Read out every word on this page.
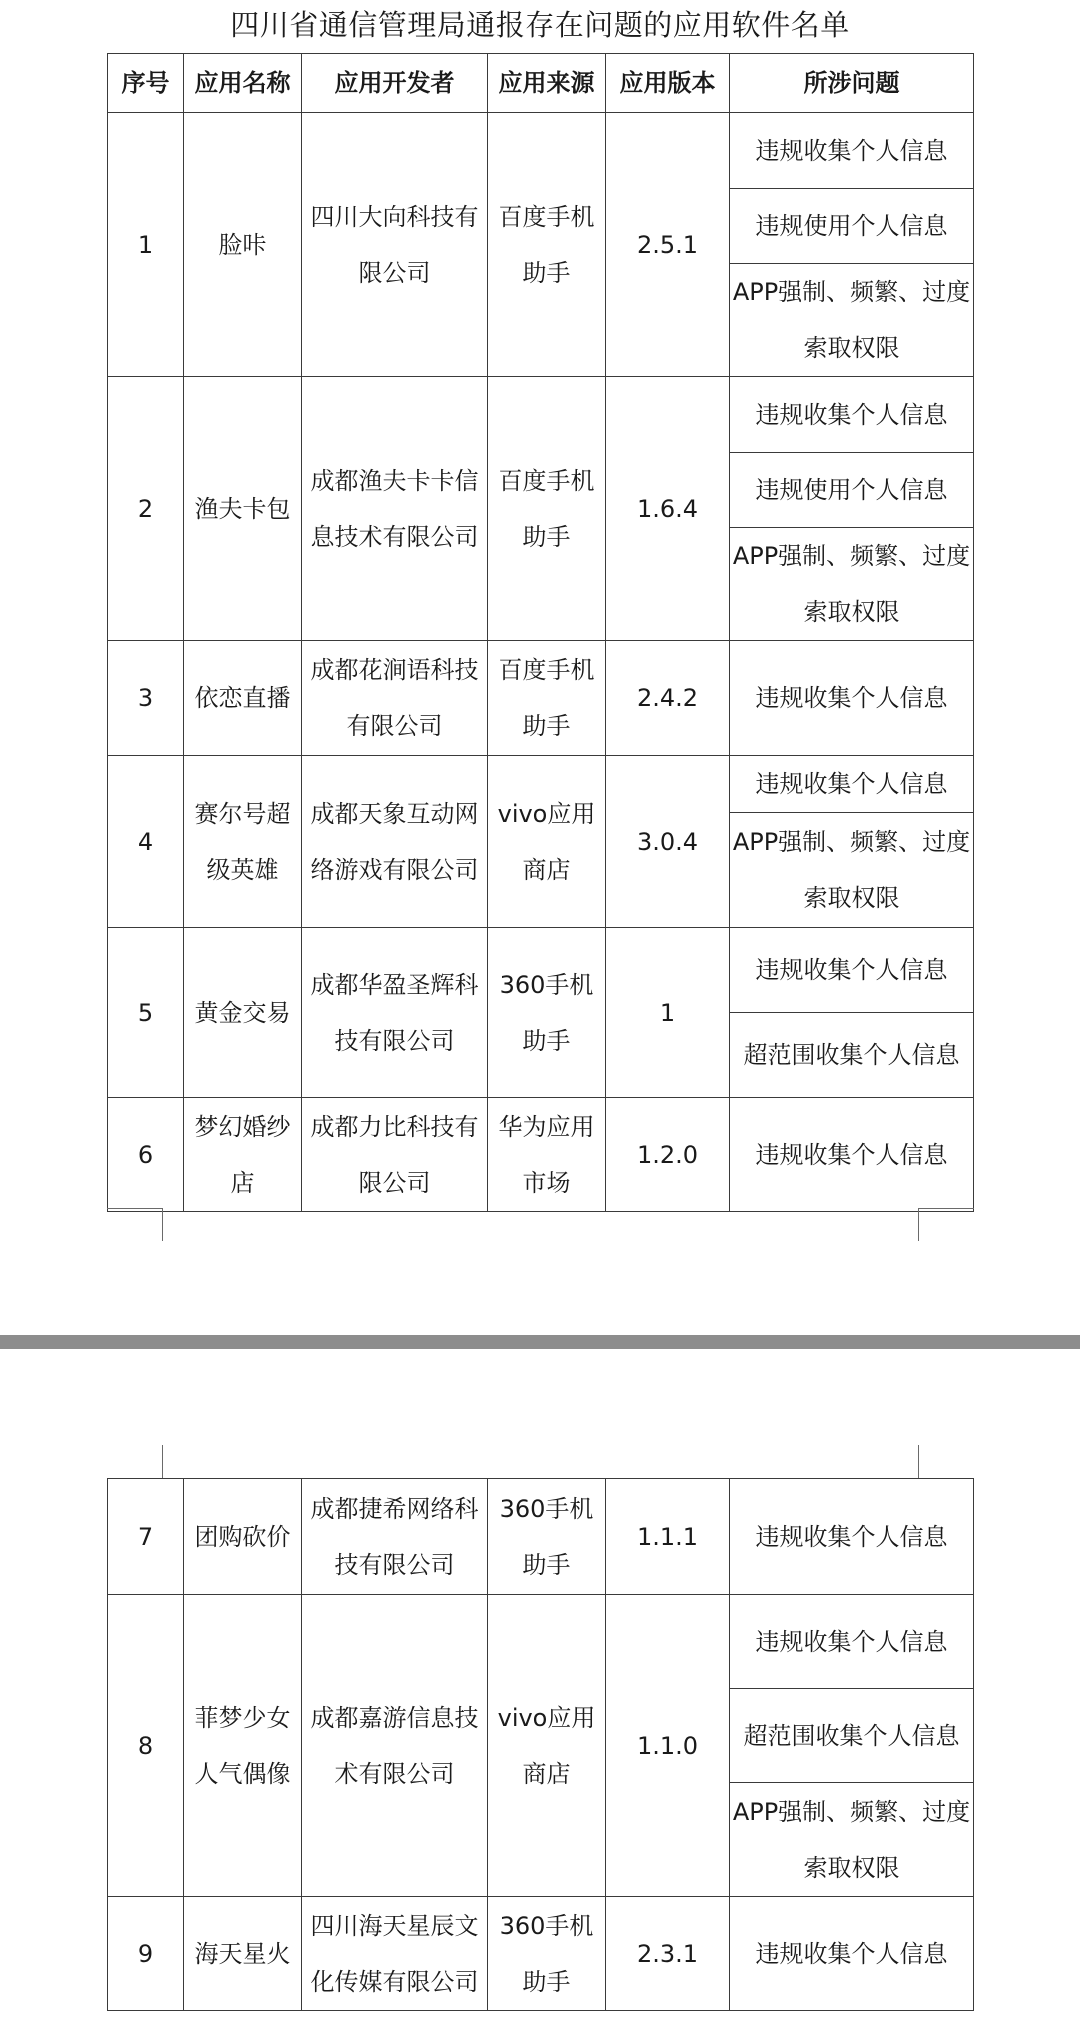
四川省通信管理局通报存在问题的应用软件名单
序号	应用名称	应用开发者	应用来源	应用版本	所涉问题
1	脸咔	四川大向科技有限公司	百度手机助手	2.5.1	违规收集个人信息
					违规使用个人信息
					APP强制、频繁、过度索取权限
2	渔夫卡包	成都渔夫卡卡信息技术有限公司	百度手机助手	1.6.4	违规收集个人信息
					违规使用个人信息
					APP强制、频繁、过度索取权限
3	依恋直播	成都花涧语科技有限公司	百度手机助手	2.4.2	违规收集个人信息
4	赛尔号超级英雄	成都天象互动网络游戏有限公司	vivo应用商店	3.0.4	违规收集个人信息
					APP强制、频繁、过度索取权限
5	黄金交易	成都华盈圣辉科技有限公司	360手机助手	1	违规收集个人信息
					超范围收集个人信息
6	梦幻婚纱店	成都力比科技有限公司	华为应用市场	1.2.0	违规收集个人信息
7	团购砍价	成都捷希网络科技有限公司	360手机助手	1.1.1	违规收集个人信息
8	菲梦少女人气偶像	成都嘉游信息技术有限公司	vivo应用商店	1.1.0	违规收集个人信息
					超范围收集个人信息
					APP强制、频繁、过度索取权限
9	海天星火	四川海天星辰文化传媒有限公司	360手机助手	2.3.1	违规收集个人信息
